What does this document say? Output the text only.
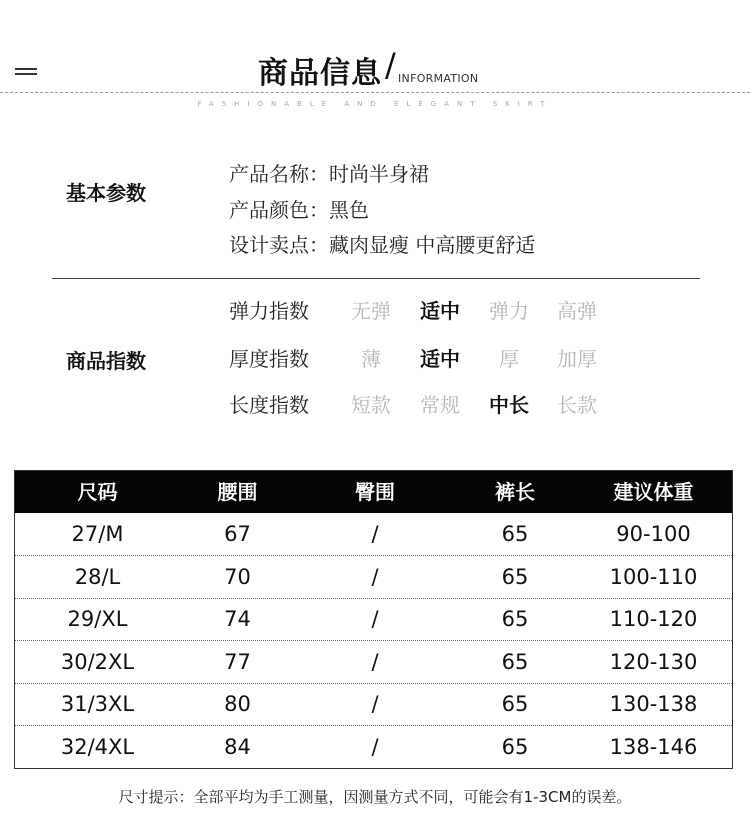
商品信息 / INFORMATION
FASHIONABLE AND ELEGANT SKIRT
基本参数
产品名称：时尚半身裙
产品颜色：黑色
设计卖点：藏肉显瘦 中高腰更舒适
商品指数
弹力指数	无弹	适中	弹力	高弹
厚度指数	薄	适中	厚	加厚
长度指数	短款	常规	中长	长款
尺码	腰围	臀围	裤长	建议体重
27/M	67	/	65	90-100
28/L	70	/	65	100-110
29/XL	74	/	65	110-120
30/2XL	77	/	65	120-130
31/3XL	80	/	65	130-138
32/4XL	84	/	65	138-146
尺寸提示：全部平均为手工测量，因测量方式不同，可能会有1-3CM的误差。
